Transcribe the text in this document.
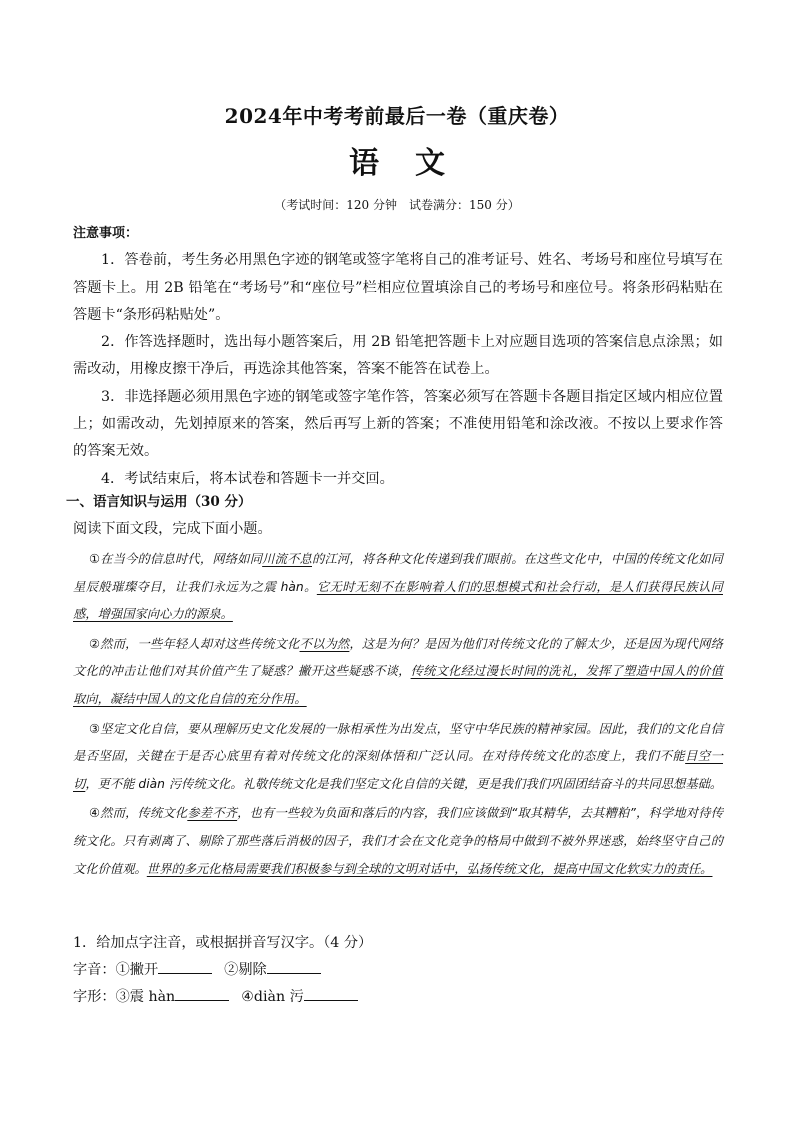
2024年中考考前最后一卷（重庆卷）
语 文
（考试时间：120 分钟　试卷满分：150 分）
注意事项：

1．答卷前，考生务必用黑色字迹的钢笔或签字笔将自己的准考证号、姓名、考场号和座位号填写在答题卡上。用 2B 铅笔在“考场号”和“座位号”栏相应位置填涂自己的考场号和座位号。将条形码粘贴在答题卡“条形码粘贴处”。

2．作答选择题时，选出每小题答案后，用 2B 铅笔把答题卡上对应题目选项的答案信息点涂黑；如需改动，用橡皮擦干净后，再选涂其他答案，答案不能答在试卷上。

3．非选择题必须用黑色字迹的钢笔或签字笔作答，答案必须写在答题卡各题目指定区域内相应位置上；如需改动，先划掉原来的答案，然后再写上新的答案；不准使用铅笔和涂改液。不按以上要求作答的答案无效。

4．考试结束后，将本试卷和答题卡一并交回。

一、语言知识与运用（30 分）
阅读下面文段，完成下面小题。

①在当今的信息时代，网络如同川流不息的江河，将各种文化传递到我们眼前。在这些文化中，中国的传统文化如同星辰般璀璨夺目，让我们永远为之震 hàn。它无时无刻不在影响着人们的思想模式和社会行动，是人们获得民族认同感，增强国家向心力的源泉。

②然而，一些年轻人却对这些传统文化不以为然，这是为何？是因为他们对传统文化的了解太少，还是因为现代网络文化的冲击让他们对其价值产生了疑惑？撇开这些疑惑不谈，传统文化经过漫长时间的洗礼，发挥了塑造中国人的价值取向，凝结中国人的文化自信的充分作用。

③坚定文化自信，要从理解历史文化发展的一脉相承性为出发点，坚守中华民族的精神家园。因此，我们的文化自信是否坚固，关键在于是否心底里有着对传统文化的深刻体悟和广泛认同。在对待传统文化的态度上，我们不能目空一切，更不能 diàn 污传统文化。礼敬传统文化是我们坚定文化自信的关键，更是我们我们巩固团结奋斗的共同思想基础。

④然而，传统文化参差不齐，也有一些较为负面和落后的内容，我们应该做到“取其精华，去其糟粕”，科学地对待传统文化。只有剥离了、剔除了那些落后消极的因子，我们才会在文化竞争的格局中做到不被外界迷惑，始终坚守自己的文化价值观。世界的多元化格局需要我们积极参与到全球的文明对话中，弘扬传统文化，提高中国文化软实力的责任。

1．给加点字注音，或根据拼音写汉字。（4 分）
字音：①撇开	②剔除
字形：③震 hàn	④diàn 污
